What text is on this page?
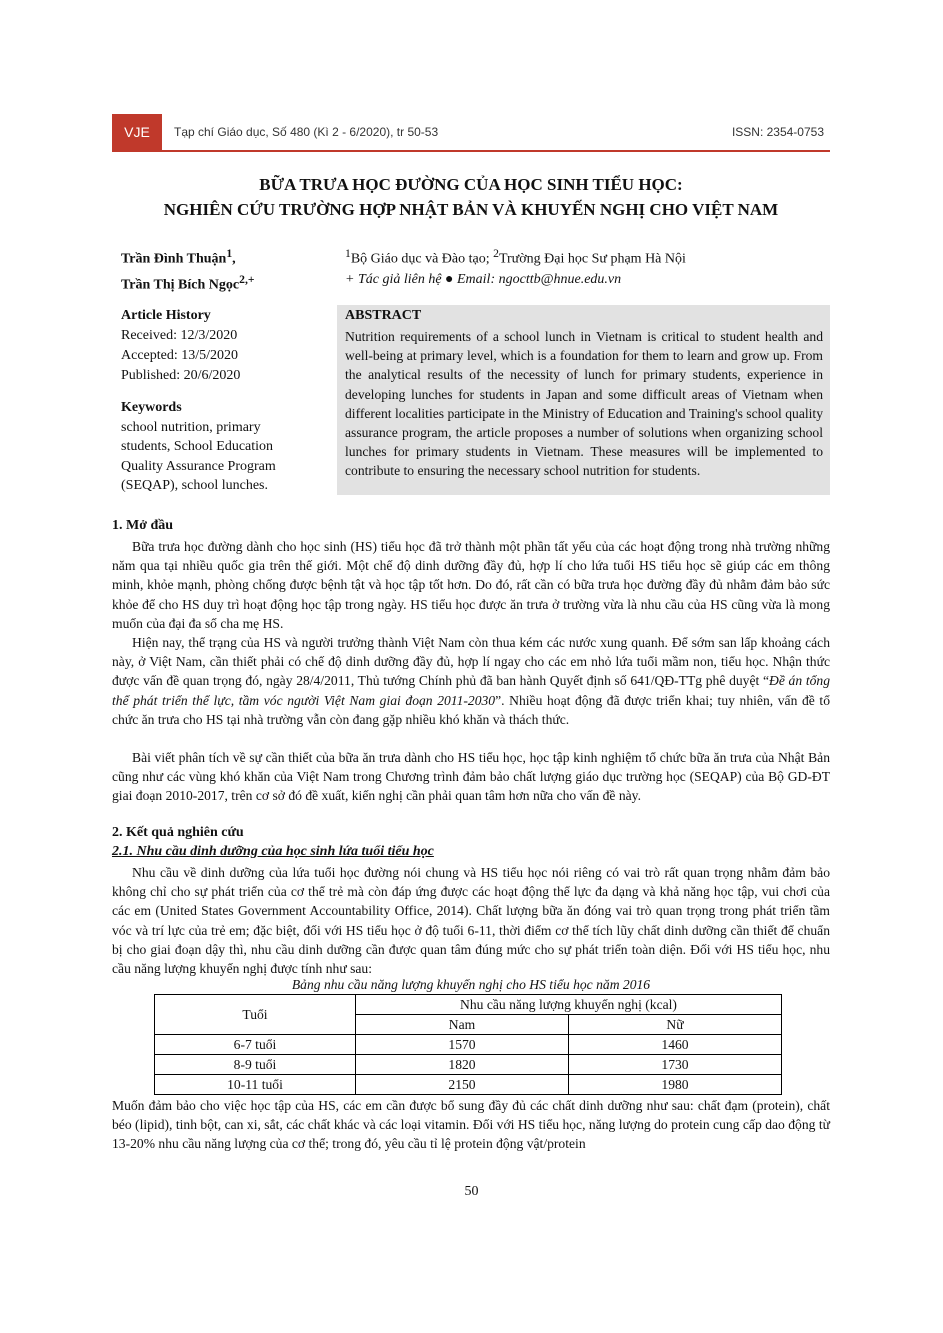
VJE	Tạp chí Giáo dục, Số 480 (Kì 2 - 6/2020), tr 50-53	ISSN: 2354-0753
BỮA TRƯA HỌC ĐƯỜNG CỦA HỌC SINH TIỂU HỌC:
NGHIÊN CỨU TRƯỜNG HỢP NHẬT BẢN VÀ KHUYẾN NGHỊ CHO VIỆT NAM
Trần Đình Thuận$^1$,
Trần Thị Bích Ngọc$^{2,+}$
$^1$Bộ Giáo dục và Đào tạo; $^2$Trường Đại học Sư phạm Hà Nội
+ Tác giả liên hệ ● Email: ngocttb@hnue.edu.vn
Article History
Received: 12/3/2020
Accepted: 13/5/2020
Published: 20/6/2020
Keywords
school nutrition, primary students, School Education Quality Assurance Program (SEQAP), school lunches.
ABSTRACT
Nutrition requirements of a school lunch in Vietnam is critical to student health and well-being at primary level, which is a foundation for them to learn and grow up. From the analytical results of the necessity of lunch for primary students, experience in developing lunches for students in Japan and some difficult areas of Vietnam when different localities participate in the Ministry of Education and Training's school quality assurance program, the article proposes a number of solutions when organizing school lunches for primary students in Vietnam. These measures will be implemented to contribute to ensuring the necessary school nutrition for students.
1. Mở đầu
Bữa trưa học đường dành cho học sinh (HS) tiểu học đã trở thành một phần tất yếu của các hoạt động trong nhà trường những năm qua tại nhiều quốc gia trên thế giới. Một chế độ dinh dưỡng đầy đủ, hợp lí cho lứa tuổi HS tiểu học sẽ giúp các em thông minh, khỏe mạnh, phòng chống được bệnh tật và học tập tốt hơn. Do đó, rất cần có bữa trưa học đường đầy đủ nhằm đảm bảo sức khỏe để cho HS duy trì hoạt động học tập trong ngày. HS tiểu học được ăn trưa ở trường vừa là nhu cầu của HS cũng vừa là mong muốn của đại đa số cha mẹ HS.
Hiện nay, thể trạng của HS và người trưởng thành Việt Nam còn thua kém các nước xung quanh. Để sớm san lấp khoảng cách này, ở Việt Nam, cần thiết phải có chế độ dinh dưỡng đầy đủ, hợp lí ngay cho các em nhỏ lứa tuổi mầm non, tiểu học. Nhận thức được vấn đề quan trọng đó, ngày 28/4/2011, Thủ tướng Chính phủ đã ban hành Quyết định số 641/QĐ-TTg phê duyệt “Đề án tổng thể phát triển thể lực, tầm vóc người Việt Nam giai đoạn 2011-2030”. Nhiều hoạt động đã được triển khai; tuy nhiên, vấn đề tổ chức ăn trưa cho HS tại nhà trường vẫn còn đang gặp nhiều khó khăn và thách thức.
Bài viết phân tích về sự cần thiết của bữa ăn trưa dành cho HS tiểu học, học tập kinh nghiệm tổ chức bữa ăn trưa của Nhật Bản cũng như các vùng khó khăn của Việt Nam trong Chương trình đảm bảo chất lượng giáo dục trường học (SEQAP) của Bộ GD-ĐT giai đoạn 2010-2017, trên cơ sở đó đề xuất, kiến nghị cần phải quan tâm hơn nữa cho vấn đề này.
2. Kết quả nghiên cứu
2.1. Nhu cầu dinh dưỡng của học sinh lứa tuổi tiểu học
Nhu cầu về dinh dưỡng của lứa tuổi học đường nói chung và HS tiểu học nói riêng có vai trò rất quan trọng nhằm đảm bảo không chỉ cho sự phát triển của cơ thể trẻ mà còn đáp ứng được các hoạt động thể lực đa dạng và khả năng học tập, vui chơi của các em (United States Government Accountability Office, 2014). Chất lượng bữa ăn đóng vai trò quan trọng trong phát triển tầm vóc và trí lực của trẻ em; đặc biệt, đối với HS tiểu học ở độ tuổi 6-11, thời điểm cơ thể tích lũy chất dinh dưỡng cần thiết để chuẩn bị cho giai đoạn dậy thì, nhu cầu dinh dưỡng cần được quan tâm đúng mức cho sự phát triển toàn diện. Đối với HS tiểu học, nhu cầu năng lượng khuyến nghị được tính như sau:
Bảng nhu cầu năng lượng khuyến nghị cho HS tiểu học năm 2016
Tuổi	Nhu cầu năng lượng khuyến nghị (kcal)	
	Nam	Nữ
6-7 tuổi	1570	1460
8-9 tuổi	1820	1730
10-11 tuổi	2150	1980
Muốn đảm bảo cho việc học tập của HS, các em cần được bổ sung đầy đủ các chất dinh dưỡng như sau: chất đạm (protein), chất béo (lipid), tinh bột, can xi, sắt, các chất khác và các loại vitamin. Đối với HS tiểu học, năng lượng do protein cung cấp dao động từ 13-20% nhu cầu năng lượng của cơ thể; trong đó, yêu cầu tỉ lệ protein động vật/protein
50
